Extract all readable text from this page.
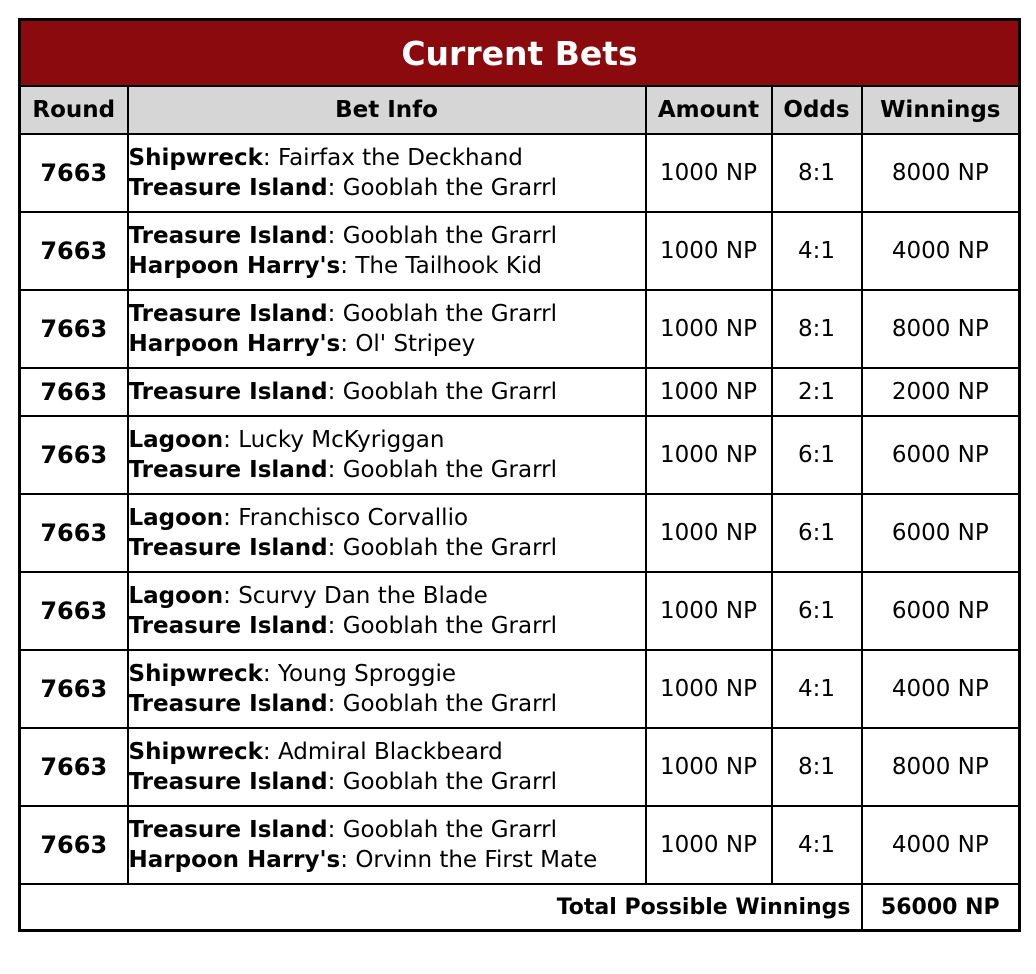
Current Bets				
Round	Bet Info	Amount	Odds	Winnings
7663	Shipwreck: Fairfax the Deckhand
Treasure Island: Gooblah the Grarrl	1000 NP	8:1	8000 NP
7663	Treasure Island: Gooblah the Grarrl
Harpoon Harry's: The Tailhook Kid	1000 NP	4:1	4000 NP
7663	Treasure Island: Gooblah the Grarrl
Harpoon Harry's: Ol' Stripey	1000 NP	8:1	8000 NP
7663	Treasure Island: Gooblah the Grarrl	1000 NP	2:1	2000 NP
7663	Lagoon: Lucky McKyriggan
Treasure Island: Gooblah the Grarrl	1000 NP	6:1	6000 NP
7663	Lagoon: Franchisco Corvallio
Treasure Island: Gooblah the Grarrl	1000 NP	6:1	6000 NP
7663	Lagoon: Scurvy Dan the Blade
Treasure Island: Gooblah the Grarrl	1000 NP	6:1	6000 NP
7663	Shipwreck: Young Sproggie
Treasure Island: Gooblah the Grarrl	1000 NP	4:1	4000 NP
7663	Shipwreck: Admiral Blackbeard
Treasure Island: Gooblah the Grarrl	1000 NP	8:1	8000 NP
7663	Treasure Island: Gooblah the Grarrl
Harpoon Harry's: Orvinn the First Mate	1000 NP	4:1	4000 NP
Total Possible Winnings				56000 NP
